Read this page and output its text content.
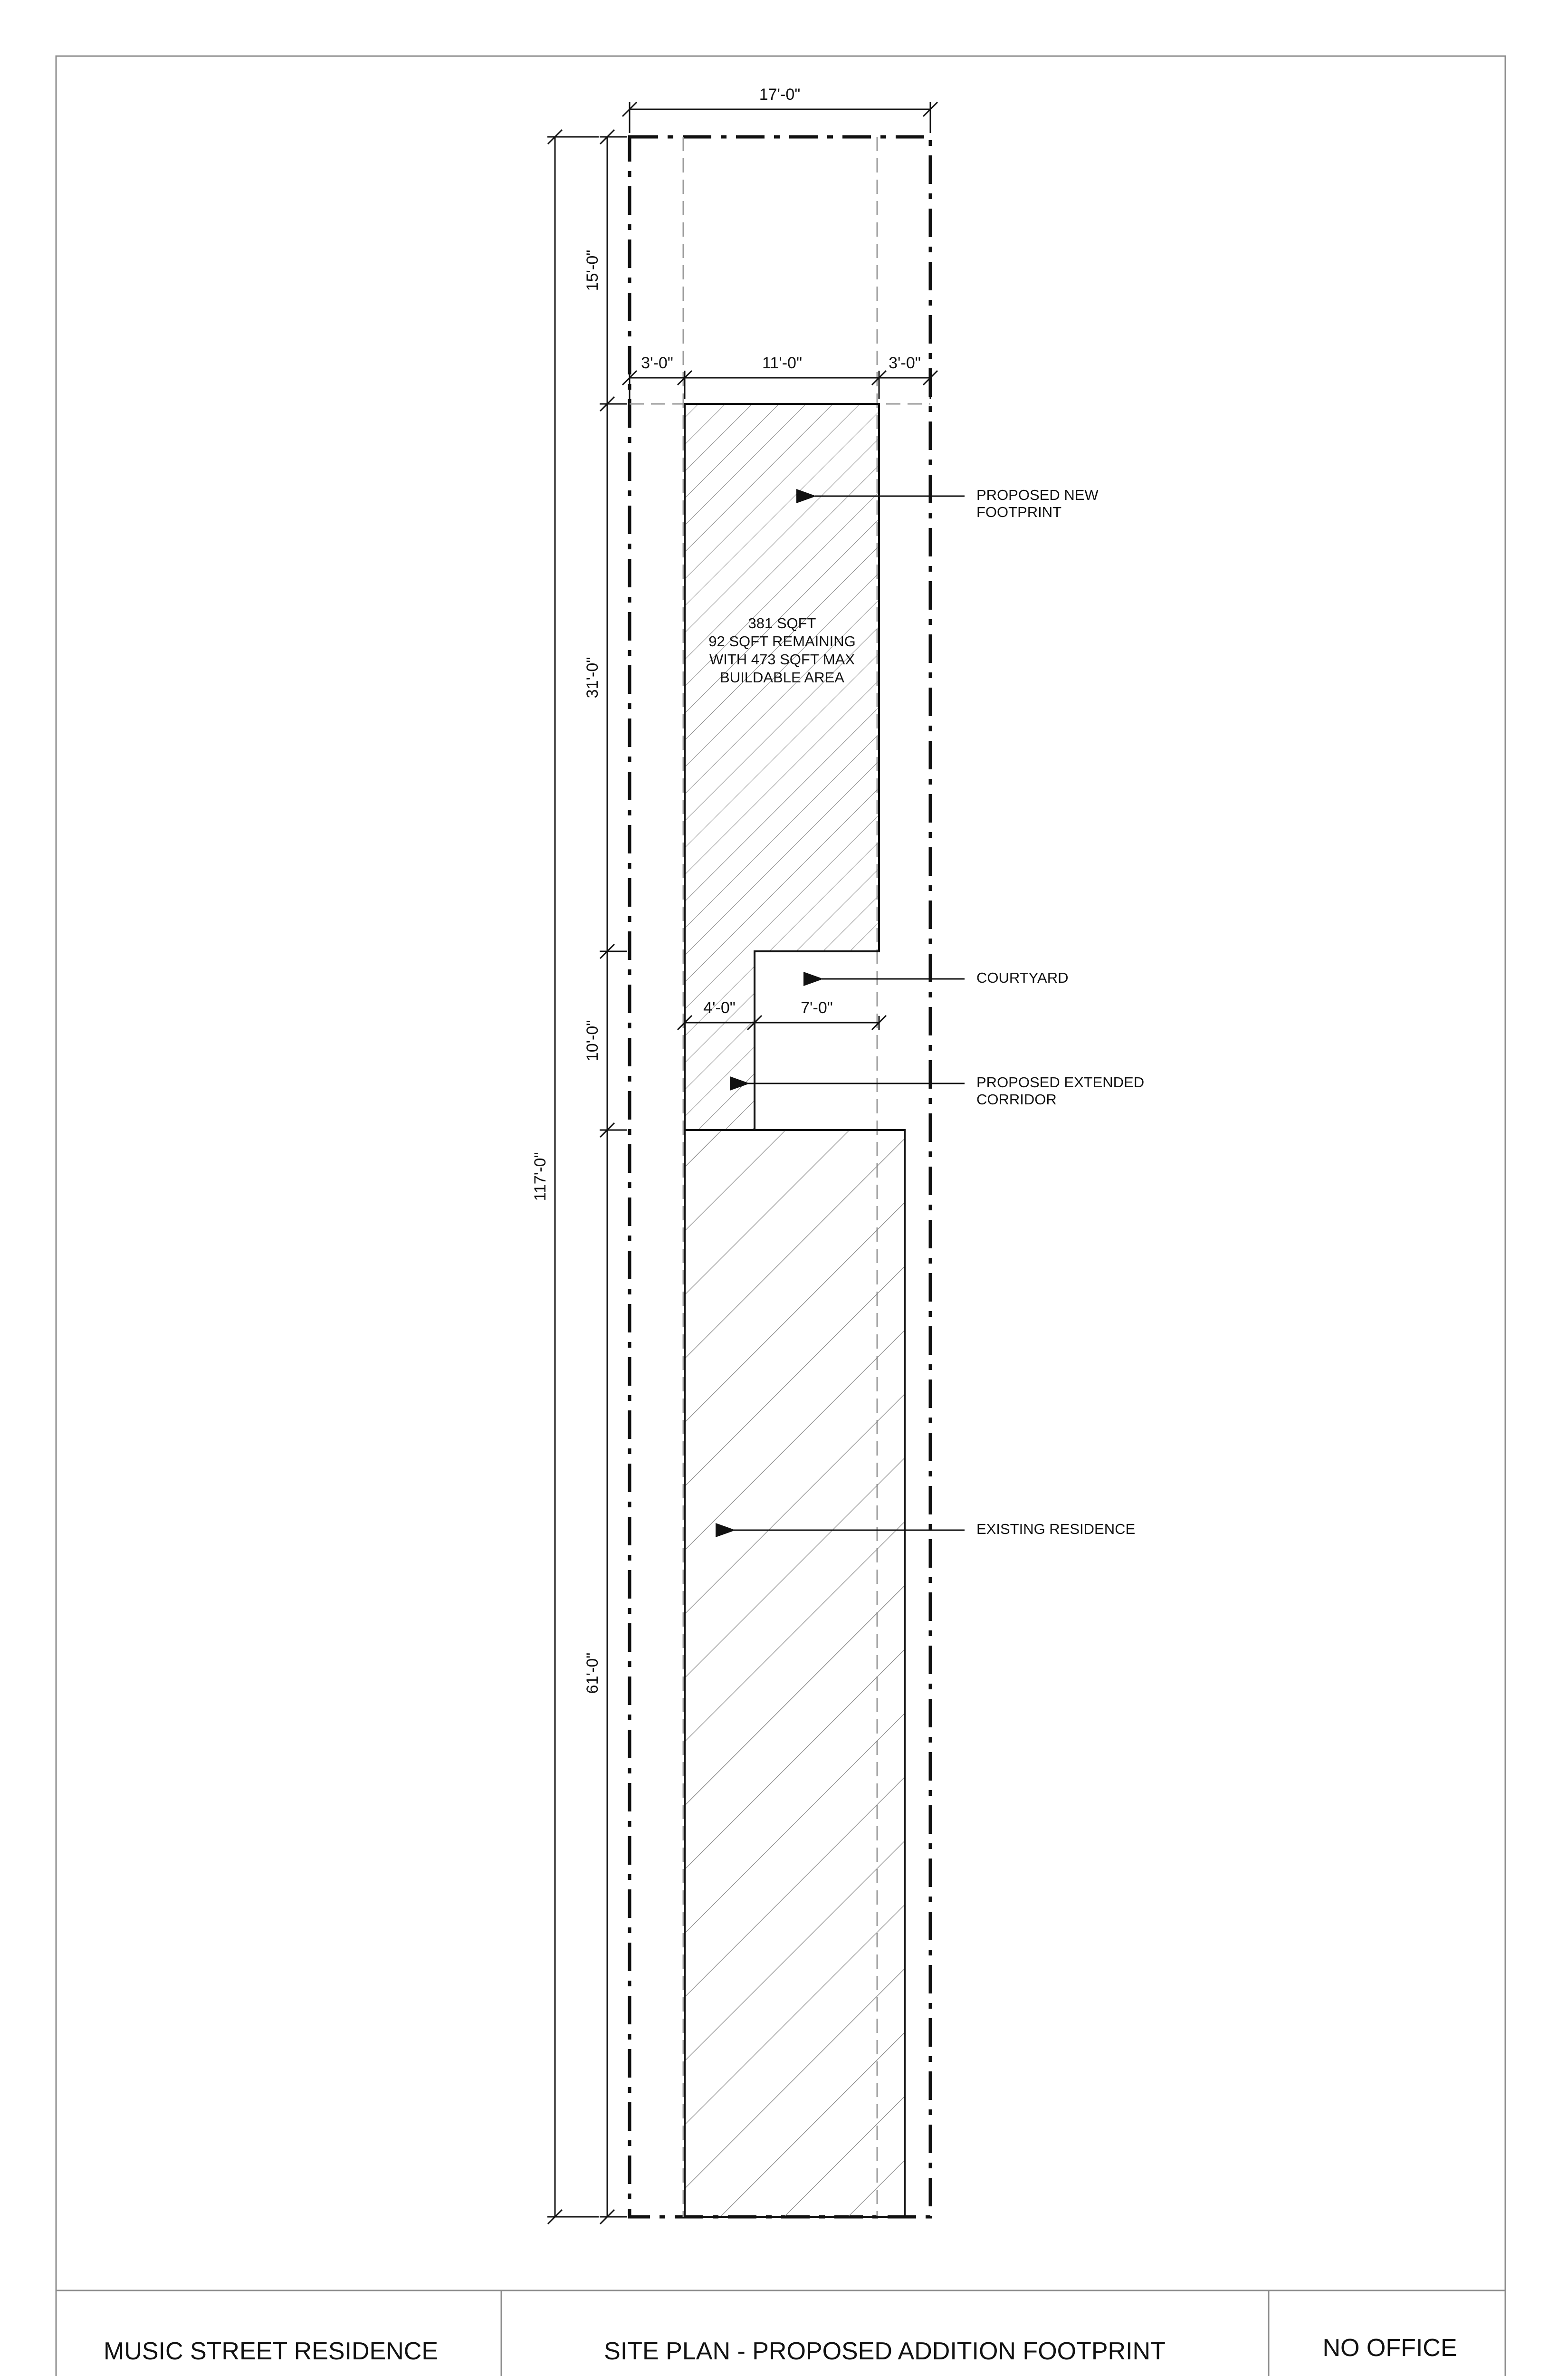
17'-0"
3'-0"	11'-0"	3'-0"
4'-0"	7'-0"
15'-0"
31'-0"
10'-0"
61'-0"
117'-0"
381 SQFT
92 SQFT REMAINING
WITH 473 SQFT MAX
BUILDABLE AREA
PROPOSED NEW
FOOTPRINT
COURTYARD
PROPOSED EXTENDED
CORRIDOR
EXISTING RESIDENCE
MUSIC STREET RESIDENCE	SITE PLAN - PROPOSED ADDITION FOOTPRINT	NO OFFICE
